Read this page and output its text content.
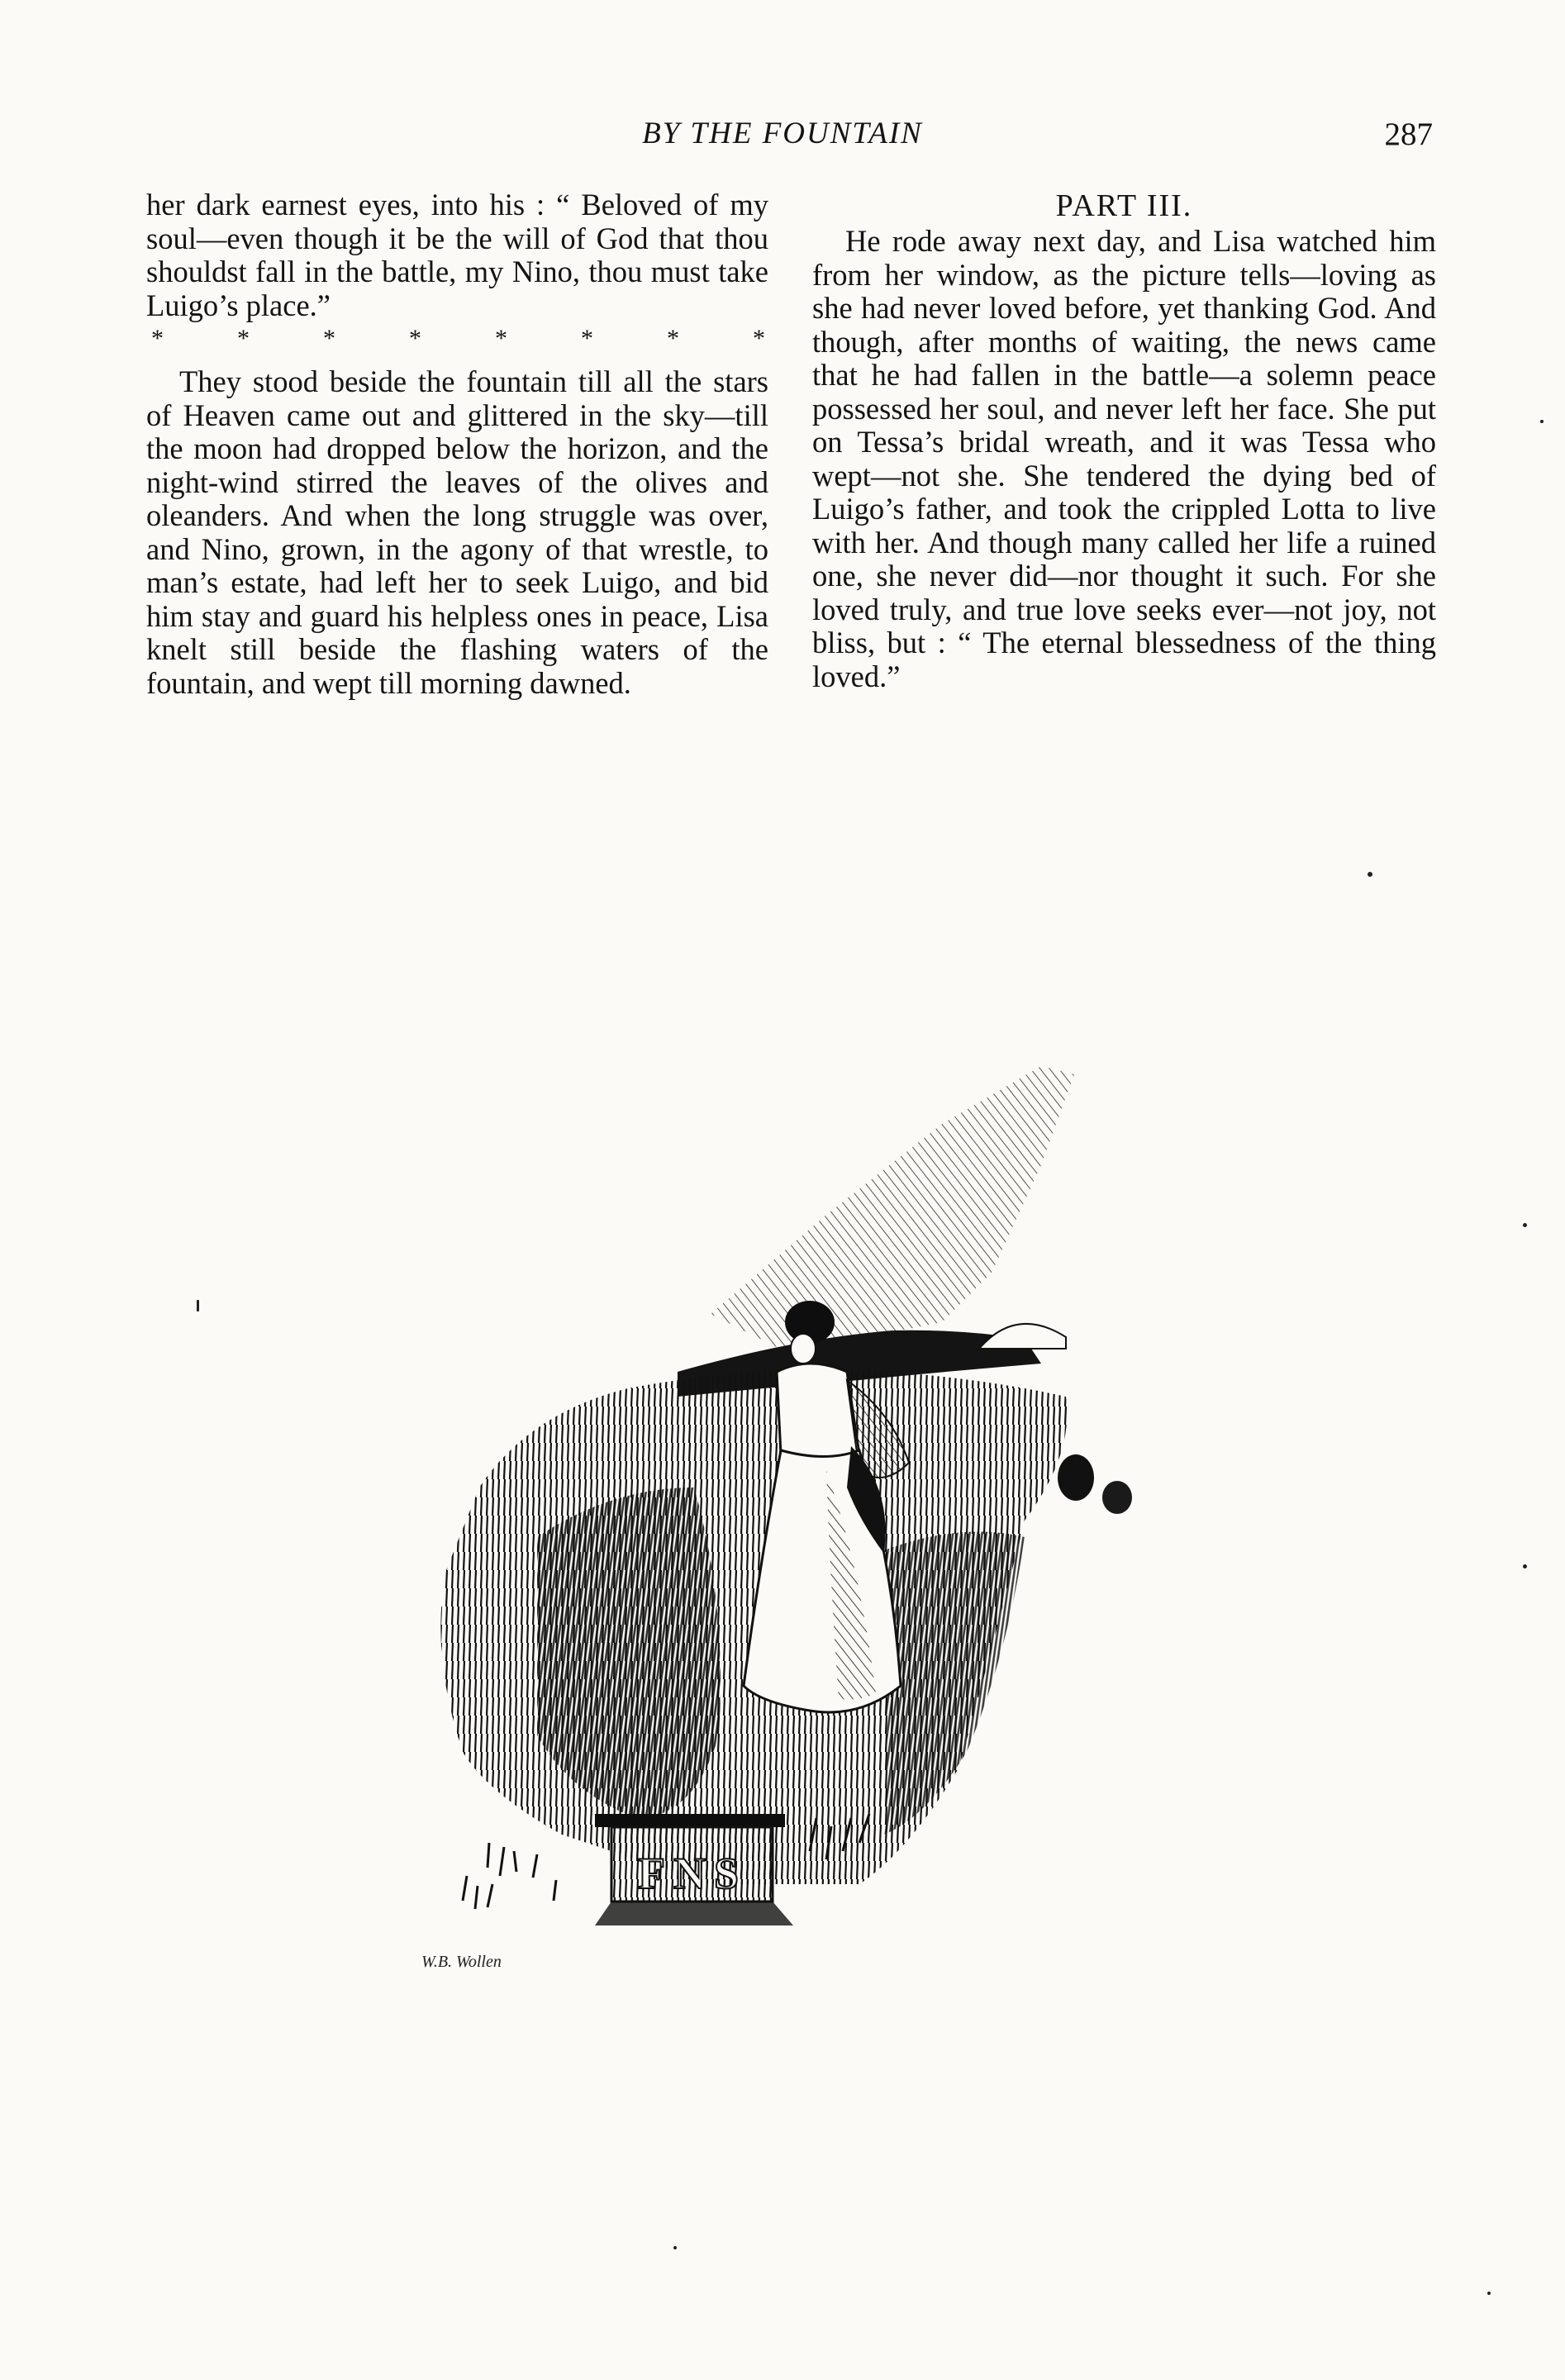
BY THE FOUNTAIN	287

her dark earnest eyes, into his : “ Beloved of my soul—even though it be the will of God that thou shouldst fall in the battle, my Nino, thou must take Luigo’s place.”

*	*	*	*	*	*	*	*

They stood beside the fountain till all the stars of Heaven came out and glittered in the sky—till the moon had dropped below the horizon, and the night-wind stirred the leaves of the olives and oleanders. And when the long struggle was over, and Nino, grown, in the agony of that wrestle, to man’s estate, had left her to seek Luigo, and bid him stay and guard his helpless ones in peace, Lisa knelt still beside the flashing waters of the fountain, and wept till morning dawned.

PART III.

He rode away next day, and Lisa watched him from her window, as the picture tells—loving as she had never loved before, yet thanking God. And though, after months of waiting, the news came that he had fallen in the battle—a solemn peace possessed her soul, and never left her face. She put on Tessa’s bridal wreath, and it was Tessa who wept—not she. She tendered the dying bed of Luigo’s father, and took the crippled Lotta to live with her. And though many called her life a ruined one, she never did—nor thought it such. For she loved truly, and true love seeks ever—not joy, not bliss, but : “ The eternal blessedness of the thing loved.”

FNS
W.B. Wollen
